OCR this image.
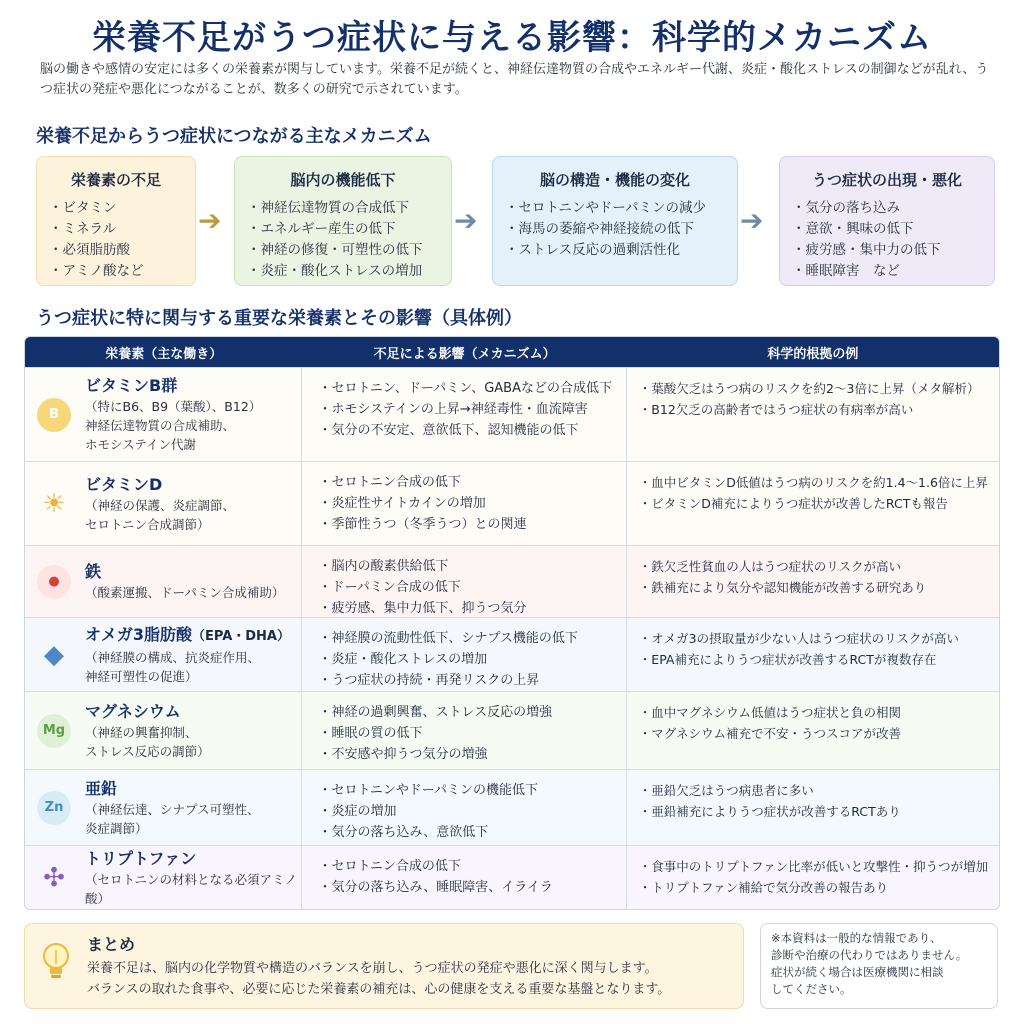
栄養不足がうつ症状に与える影響：科学的メカニズム
脳の働きや感情の安定には多くの栄養素が関与しています。栄養不足が続くと、神経伝達物質の合成やエネルギー代謝、炎症・酸化ストレスの制御などが乱れ、うつ症状の発症や悪化につながることが、数多くの研究で示されています。
栄養不足からうつ症状につながる主なメカニズム
栄養素の不足
・ ビタミン
・ ミネラル
・ 必須脂肪酸
・ アミノ酸など
➔
脳内の機能低下
・ 神経伝達物質の合成低下
・ エネルギー産生の低下
・ 神経の修復・可塑性の低下
・ 炎症・酸化ストレスの増加
➔
脳の構造・機能の変化
・ セロトニンやドーパミンの減少
・ 海馬の萎縮や神経接続の低下
・ ストレス反応の過剰活性化
➔
うつ症状の出現・悪化
・ 気分の落ち込み
・ 意欲・興味の低下
・ 疲労感・集中力の低下
・ 睡眠障害　など
うつ症状に特に関与する重要な栄養素とその影響（具体例）
栄養素（主な働き）	不足による影響（メカニズム）	科学的根拠の例
B
ビタミンB群
（特にB6、B9（葉酸）、B12）
神経伝達物質の合成補助、
ホモシステイン代謝
・ セロトニン、ドーパミン、GABAなどの合成低下
・ ホモシステインの上昇→神経毒性・血流障害
・ 気分の不安定、意欲低下、認知機能の低下
・ 葉酸欠乏はうつ病のリスクを約2〜3倍に上昇（メタ解析）
・ B12欠乏の高齢者ではうつ症状の有病率が高い
☀
ビタミンD
（神経の保護、炎症調節、
セロトニン合成調節）
・ セロトニン合成の低下
・ 炎症性サイトカインの増加
・ 季節性うつ（冬季うつ）との関連
・ 血中ビタミンD低値はうつ病のリスクを約1.4〜1.6倍に上昇
・ ビタミンD補充によりうつ症状が改善したRCTも報告
●
鉄
（酸素運搬、ドーパミン合成補助）
・ 脳内の酸素供給低下
・ ドーパミン合成の低下
・ 疲労感、集中力低下、抑うつ気分
・ 鉄欠乏性貧血の人はうつ症状のリスクが高い
・ 鉄補充により気分や認知機能が改善する研究あり
◆
オメガ3脂肪酸（EPA・DHA）
（神経膜の構成、抗炎症作用、
神経可塑性の促進）
・ 神経膜の流動性低下、シナプス機能の低下
・ 炎症・酸化ストレスの増加
・ うつ症状の持続・再発リスクの上昇
・ オメガ3の摂取量が少ない人はうつ症状のリスクが高い
・ EPA補充によりうつ症状が改善するRCTが複数存在
Mg
マグネシウム
（神経の興奮抑制、
ストレス反応の調節）
・ 神経の過剰興奮、ストレス反応の増強
・ 睡眠の質の低下
・ 不安感や抑うつ気分の増強
・ 血中マグネシウム低値はうつ症状と負の相関
・ マグネシウム補充で不安・うつスコアが改善
Zn
亜鉛
（神経伝達、シナプス可塑性、
炎症調節）
・ セロトニンやドーパミンの機能低下
・ 炎症の増加
・ 気分の落ち込み、意欲低下
・ 亜鉛欠乏はうつ病患者に多い
・ 亜鉛補充によりうつ症状が改善するRCTあり
✣
トリプトファン
（セロトニンの材料となる必須アミノ酸）
・ セロトニン合成の低下
・ 気分の落ち込み、睡眠障害、イライラ
・ 食事中のトリプトファン比率が低いと攻撃性・抑うつが増加
・ トリプトファン補給で気分改善の報告あり
まとめ
栄養不足は、脳内の化学物質や構造のバランスを崩し、うつ症状の発症や悪化に深く関与します。
バランスの取れた食事や、必要に応じた栄養素の補充は、心の健康を支える重要な基盤となります。
※本資料は一般的な情報であり、
診断や治療の代わりではありません。
症状が続く場合は医療機関に相談
してください。
